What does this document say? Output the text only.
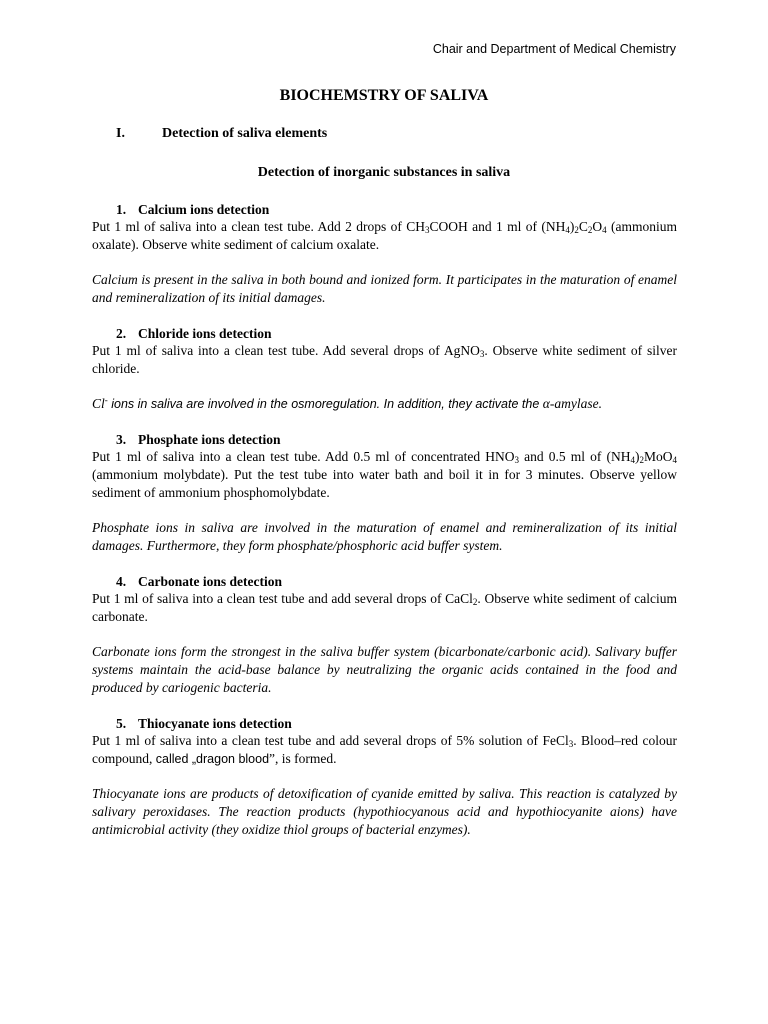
Chair and Department of Medical Chemistry
BIOCHEMSTRY OF SALIVA
I.	Detection of saliva elements
Detection of inorganic substances in saliva
1. Calcium ions detection
Put 1 ml of saliva into a clean test tube. Add 2 drops of $CH_3COOH$ and 1 ml of $(NH_4)_2C_2O_4$ (ammonium oxalate). Observe white sediment of calcium oxalate.
Calcium is present in the saliva in both bound and ionized form. It participates in the maturation of enamel and remineralization of its initial damages.
2. Chloride ions detection
Put 1 ml of saliva into a clean test tube. Add several drops of AgNO$_3$. Observe white sediment of silver chloride.
Cl- ions in saliva are involved in the osmoregulation. In addition, they activate the α-amylase.
3. Phosphate ions detection
Put 1 ml of saliva into a clean test tube. Add 0.5 ml of concentrated $HNO_3$ and 0.5 ml of $(NH_4)_2MoO_4$ (ammonium molybdate). Put the test tube into water bath and boil it in for 3 minutes. Observe yellow sediment of ammonium phosphomolybdate.
Phosphate ions in saliva are involved in the maturation of enamel and remineralization of its initial damages. Furthermore, they form phosphate/phosphoric acid buffer system.
4. Carbonate ions detection
Put 1 ml of saliva into a clean test tube and add several drops of CaCl$_2$. Observe white sediment of calcium carbonate.
Carbonate ions form the strongest in the saliva buffer system (bicarbonate/carbonic acid). Salivary buffer systems maintain the acid-base balance by neutralizing the organic acids contained in the food and produced by cariogenic bacteria.
5. Thiocyanate ions detection
Put 1 ml of saliva into a clean test tube and add several drops of 5% solution of FeCl$_3$. Blood–red colour compound, called „dragon blood”, is formed.
Thiocyanate ions are products of detoxification of cyanide emitted by saliva. This reaction is catalyzed by salivary peroxidases. The reaction products (hypothiocyanous acid and hypothiocyanite aions) have antimicrobial activity (they oxidize thiol groups of bacterial enzymes).
